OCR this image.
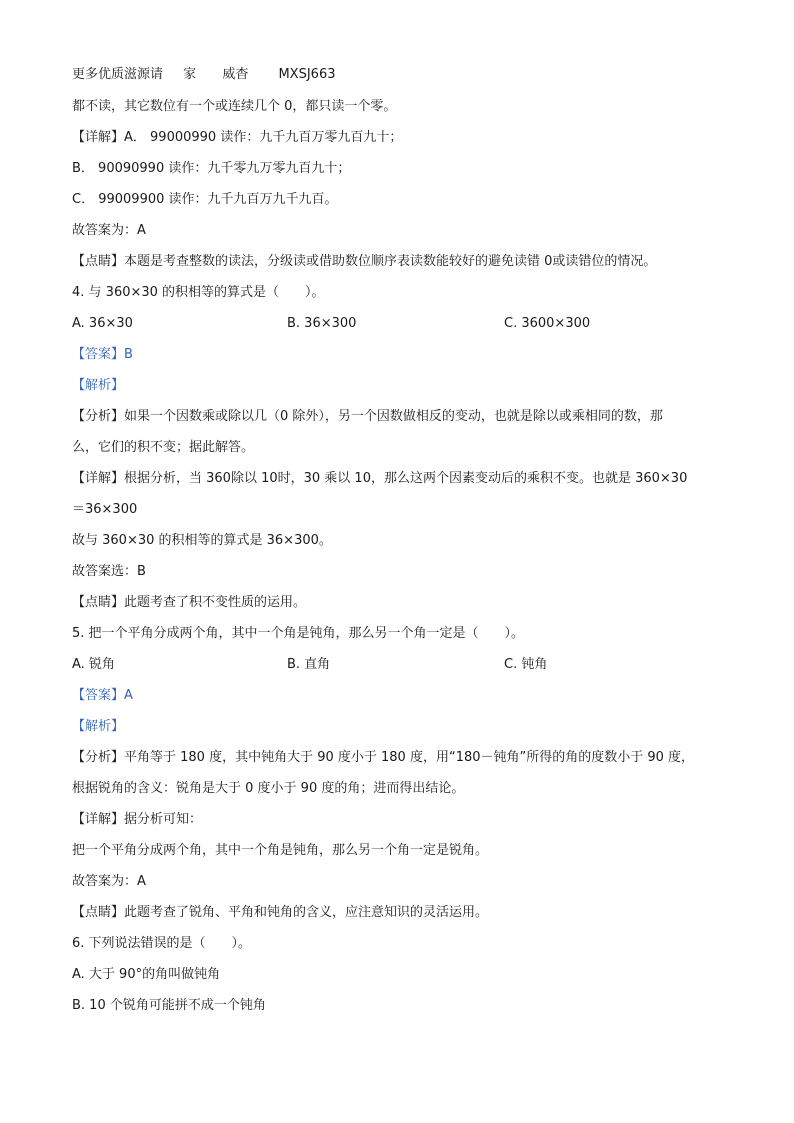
更多优质滋源请 家 威杳 MXSJ663
都不读，其它数位有一个或连续几个 0，都只读一个零。
【详解】A． 99000990 读作：九千九百万零九百九十；
B． 90090990 读作：九千零九万零九百九十；
C． 99009900 读作：九千九百万九千九百。
故答案为：A
【点睛】本题是考查整数的读法，分级读或借助数位顺序表读数能较好的避免读错 0或读错位的情况。
4. 与 360×30 的积相等的算式是（　　）。
A. 36×30	B. 36×300	C. 3600×300
【答案】B
【解析】
【分析】如果一个因数乘或除以几（0 除外），另一个因数做相反的变动，也就是除以或乘相同的数，那
么，它们的积不变；据此解答。
【详解】根据分析，当 360除以 10时，30 乘以 10，那么这两个因素变动后的乘积不变。也就是 360×30
＝36×300
故与 360×30 的积相等的算式是 36×300。
故答案选：B
【点睛】此题考查了积不变性质的运用。
5. 把一个平角分成两个角，其中一个角是钝角，那么另一个角一定是（　　）。
A. 锐角	B. 直角	C. 钝角
【答案】A
【解析】
【分析】平角等于 180 度，其中钝角大于 90 度小于 180 度，用“180－钝角”所得的角的度数小于 90 度，
根据锐角的含义：锐角是大于 0 度小于 90 度的角；进而得出结论。
【详解】据分析可知：
把一个平角分成两个角，其中一个角是钝角，那么另一个角一定是锐角。
故答案为：A
【点睛】此题考查了锐角、平角和钝角的含义，应注意知识的灵活运用。
6. 下列说法错误的是（　　）。
A. 大于 90°的角叫做钝角
B. 10 个锐角可能拼不成一个钝角
